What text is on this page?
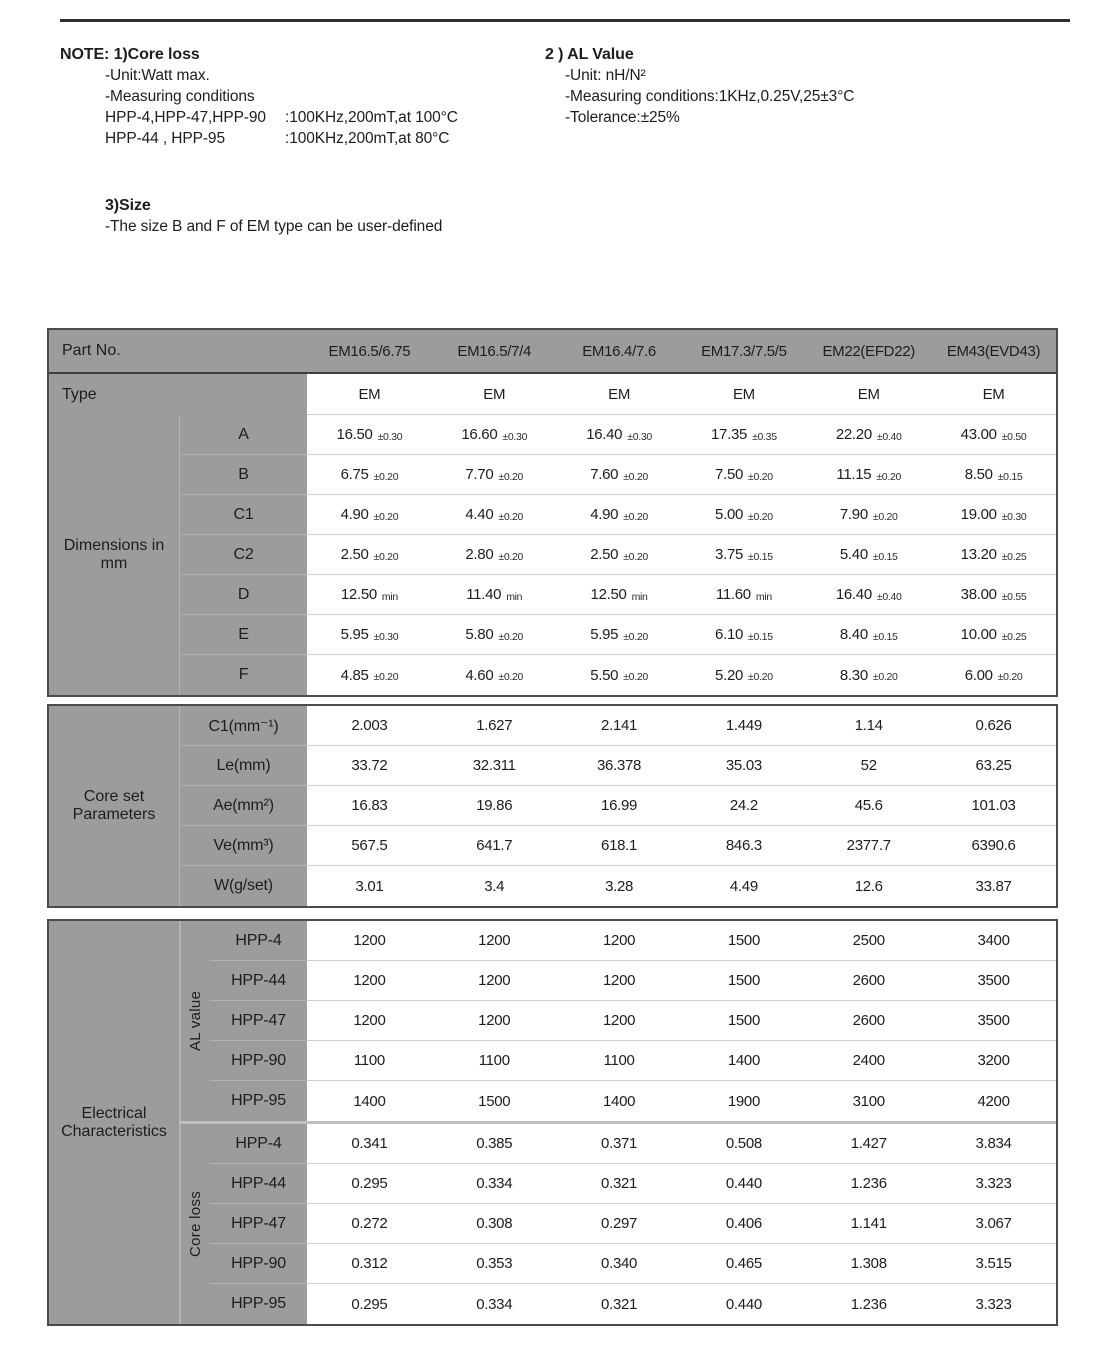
NOTE: 1)Core loss
-Unit:Watt max.
-Measuring conditions
HPP-4,HPP-47,HPP-90	:100KHz,200mT,at 100°C
HPP-44 , HPP-95	:100KHz,200mT,at 80°C
2 ) AL Value
-Unit: nH/N²
-Measuring conditions:1KHz,0.25V,25±3°C
-Tolerance:±25%
3)Size
-The size B and F of EM type can be user-defined
Part No.	EM16.5/6.75	EM16.5/7/4	EM16.4/7.6	EM17.3/7.5/5	EM22(EFD22)	EM43(EVD43)
Type	EM	EM	EM	EM	EM	EM
Dimensions in mm
A	16.50 ±0.30	16.60 ±0.30	16.40 ±0.30	17.35 ±0.35	22.20 ±0.40	43.00 ±0.50
B	6.75 ±0.20	7.70 ±0.20	7.60 ±0.20	7.50 ±0.20	11.15 ±0.20	8.50 ±0.15
C1	4.90 ±0.20	4.40 ±0.20	4.90 ±0.20	5.00 ±0.20	7.90 ±0.20	19.00 ±0.30
C2	2.50 ±0.20	2.80 ±0.20	2.50 ±0.20	3.75 ±0.15	5.40 ±0.15	13.20 ±0.25
D	12.50 min	11.40 min	12.50 min	11.60 min	16.40 ±0.40	38.00 ±0.55
E	5.95 ±0.30	5.80 ±0.20	5.95 ±0.20	6.10 ±0.15	8.40 ±0.15	10.00 ±0.25
F	4.85 ±0.20	4.60 ±0.20	5.50 ±0.20	5.20 ±0.20	8.30 ±0.20	6.00 ±0.20
Core set Parameters
C1(mm⁻¹)	2.003	1.627	2.141	1.449	1.14	0.626
Le(mm)	33.72	32.311	36.378	35.03	52	63.25
Ae(mm²)	16.83	19.86	16.99	24.2	45.6	101.03
Ve(mm³)	567.5	641.7	618.1	846.3	2377.7	6390.6
W(g/set)	3.01	3.4	3.28	4.49	12.6	33.87
Electrical Characteristics
AL value
HPP-4	1200	1200	1200	1500	2500	3400
HPP-44	1200	1200	1200	1500	2600	3500
HPP-47	1200	1200	1200	1500	2600	3500
HPP-90	1100	1100	1100	1400	2400	3200
HPP-95	1400	1500	1400	1900	3100	4200
Core loss
HPP-4	0.341	0.385	0.371	0.508	1.427	3.834
HPP-44	0.295	0.334	0.321	0.440	1.236	3.323
HPP-47	0.272	0.308	0.297	0.406	1.141	3.067
HPP-90	0.312	0.353	0.340	0.465	1.308	3.515
HPP-95	0.295	0.334	0.321	0.440	1.236	3.323
